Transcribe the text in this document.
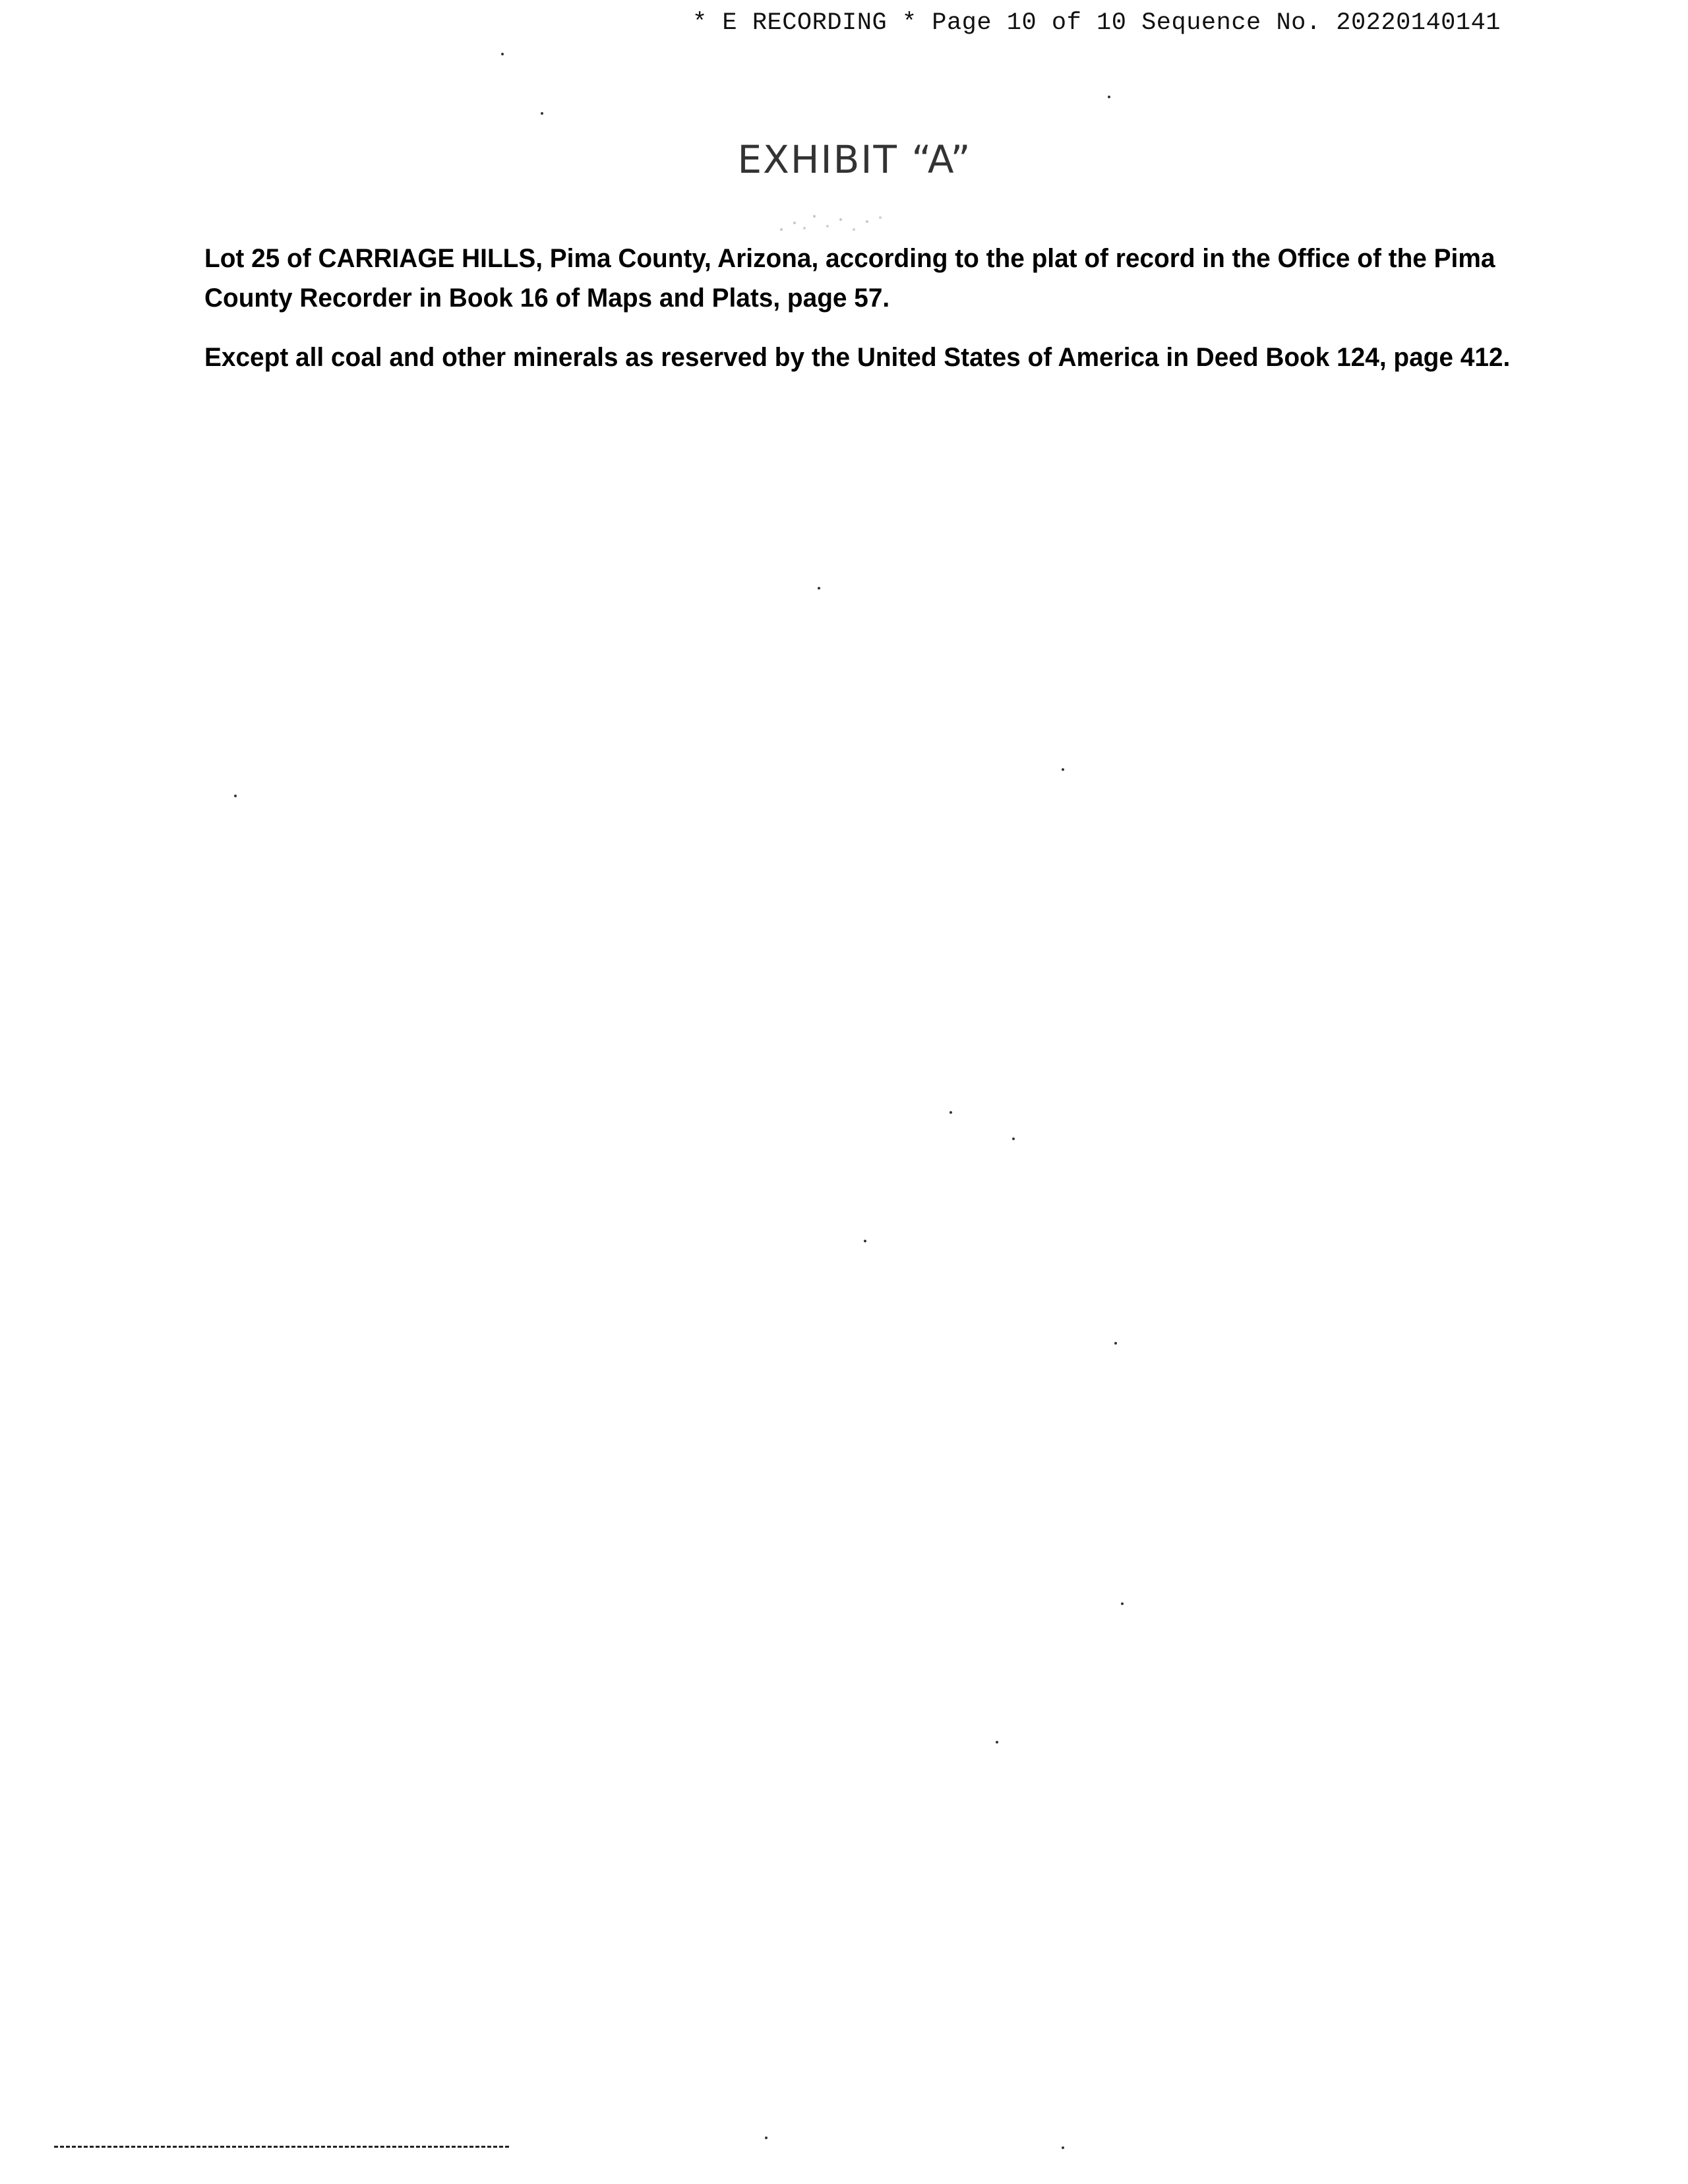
* E RECORDING * Page 10 of 10 Sequence No. 20220140141
EXHIBIT “A”
Lot 25 of CARRIAGE HILLS, Pima County, Arizona, according to the plat of record in the Office of the Pima County Recorder in Book 16 of Maps and Plats, page 57.
Except all coal and other minerals as reserved by the United States of America in Deed Book 124, page 412.
